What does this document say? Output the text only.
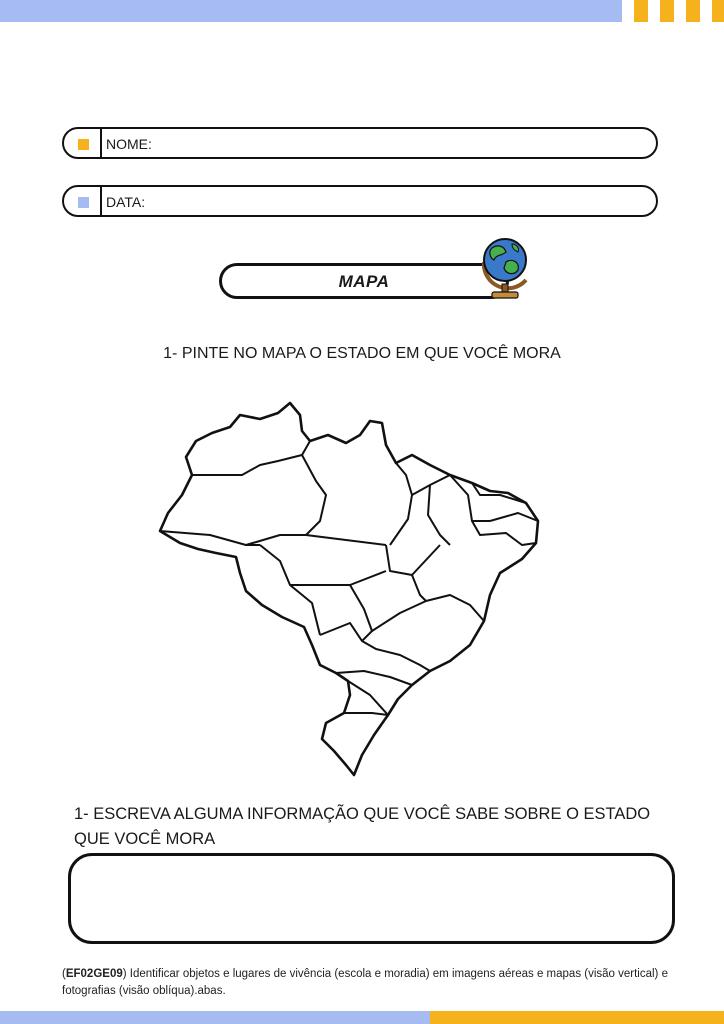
NOME:
DATA:
MAPA
1- PINTE NO MAPA O ESTADO EM QUE VOCÊ MORA
1- ESCREVA ALGUMA INFORMAÇÃO QUE VOCÊ SABE SOBRE O ESTADO QUE VOCÊ MORA
(EF02GE09) Identificar objetos e lugares de vivência (escola e moradia) em imagens aéreas e mapas (visão vertical) e fotografias (visão oblíqua).abas.
